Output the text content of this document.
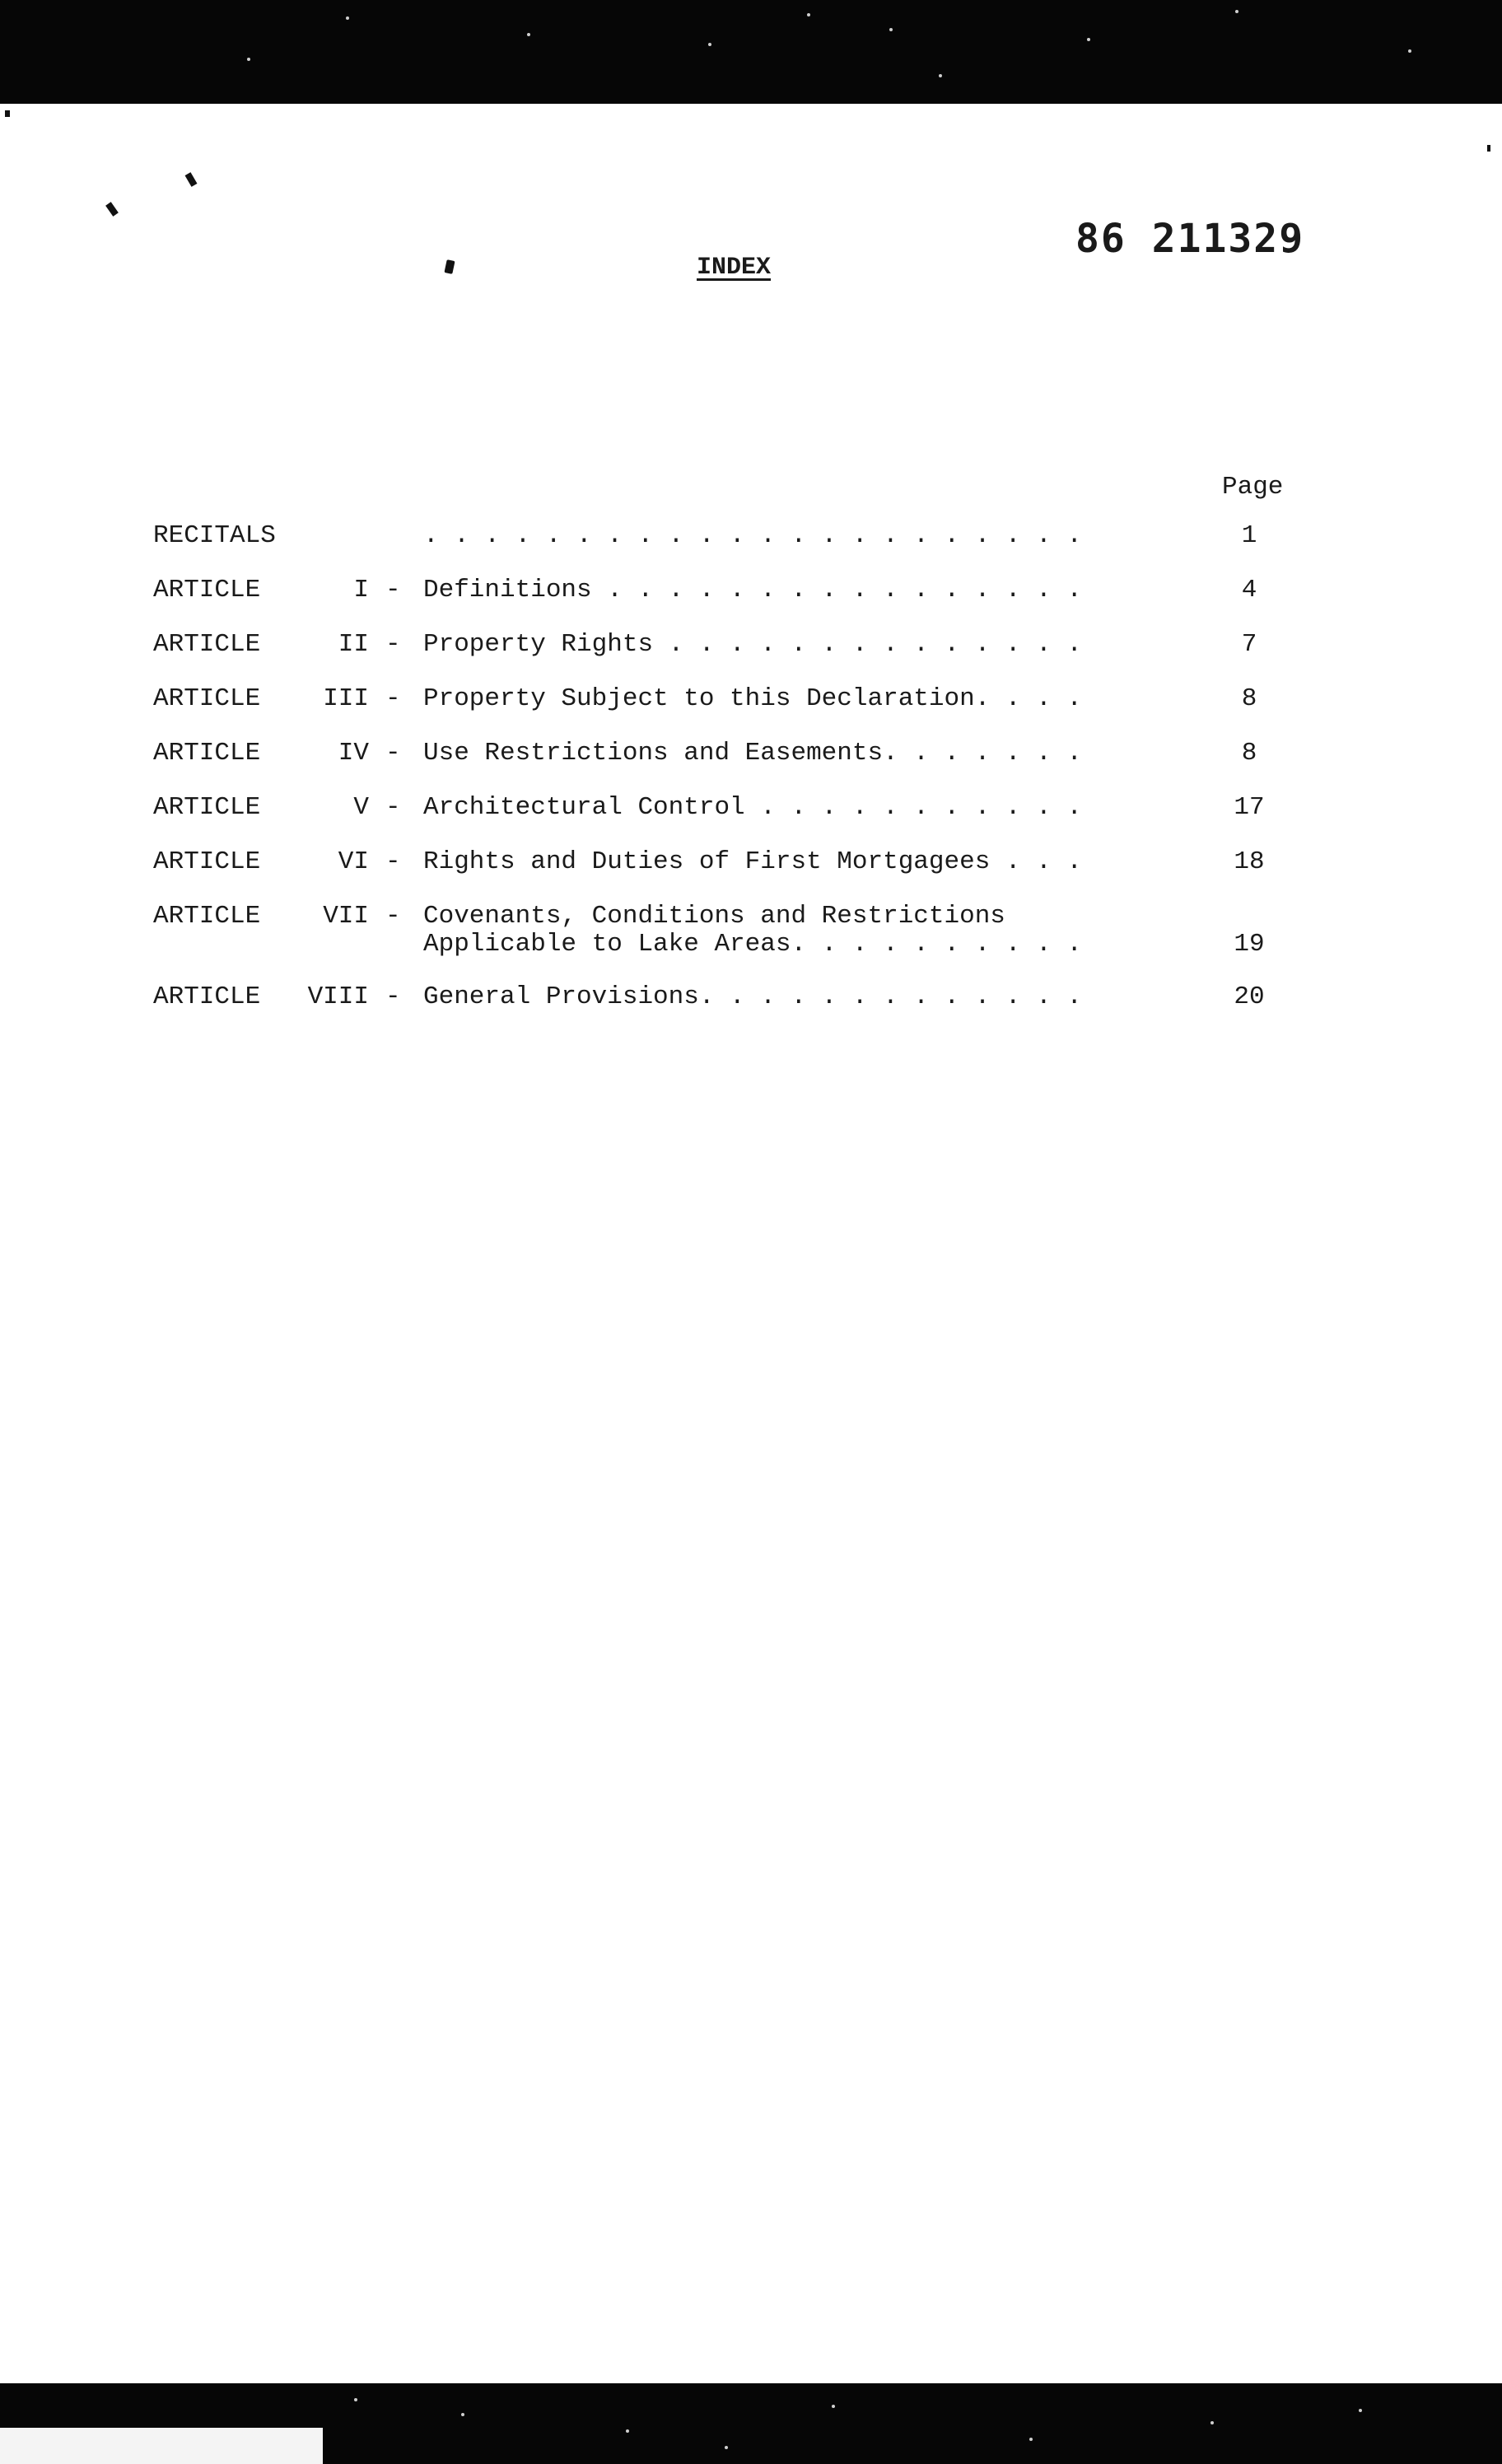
86 211329
INDEX
Page
RECITALS	. . . . . . . . . . . . . . . . . . . . . .	1
ARTICLE	I - Definitions . . . . . . . . . . . . . . . .	4
ARTICLE	II - Property Rights . . . . . . . . . . . . . .	7
ARTICLE	III - Property Subject to this Declaration. . . .	8
ARTICLE	IV - Use Restrictions and Easements. . . . . . .	8
ARTICLE	V - Architectural Control . . . . . . . . . . .	17
ARTICLE	VI - Rights and Duties of First Mortgagees . . .	18
ARTICLE	VII - Covenants, Conditions and Restrictions
Applicable to Lake Areas. . . . . . . . . .	19
ARTICLE	VIII - General Provisions. . . . . . . . . . . . .	20
